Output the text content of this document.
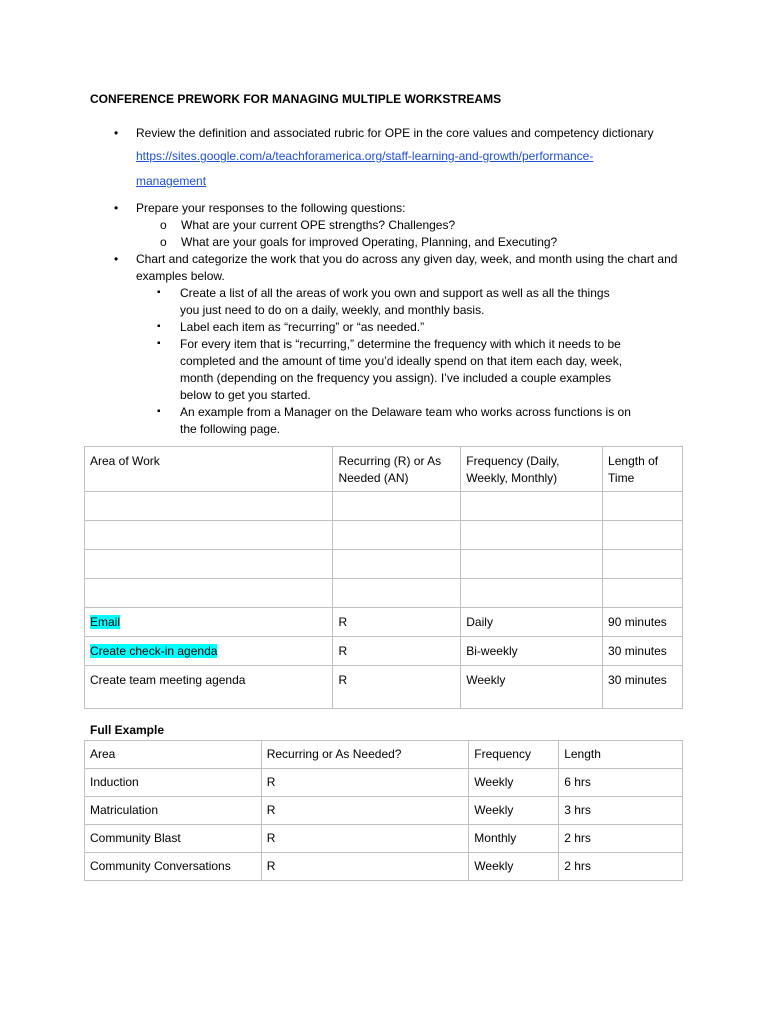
CONFERENCE PREWORK FOR MANAGING MULTIPLE WORKSTREAMS
• Review the definition and associated rubric for OPE in the core values and competency dictionary
https://sites.google.com/a/teachforamerica.org/staff-learning-and-growth/performance-
management
• Prepare your responses to the following questions:
o What are your current OPE strengths? Challenges?
o What are your goals for improved Operating, Planning, and Executing?
• Chart and categorize the work that you do across any given day, week, and month using the chart and examples below.
▪ Create a list of all the areas of work you own and support as well as all the things you just need to do on a daily, weekly, and monthly basis.
▪ Label each item as “recurring” or “as needed.”
▪ For every item that is “recurring,” determine the frequency with which it needs to be completed and the amount of time you’d ideally spend on that item each day, week, month (depending on the frequency you assign). I’ve included a couple examples below to get you started.
▪ An example from a Manager on the Delaware team who works across functions is on the following page.
Area of Work	Recurring (R) or As Needed (AN)	Frequency (Daily, Weekly, Monthly)	Length of Time

Email	R	Daily	90 minutes
Create check-in agenda	R	Bi-weekly	30 minutes
Create team meeting agenda	R	Weekly	30 minutes
Full Example
Area	Recurring or As Needed?	Frequency	Length
Induction	R	Weekly	6 hrs
Matriculation	R	Weekly	3 hrs
Community Blast	R	Monthly	2 hrs
Community Conversations	R	Weekly	2 hrs
